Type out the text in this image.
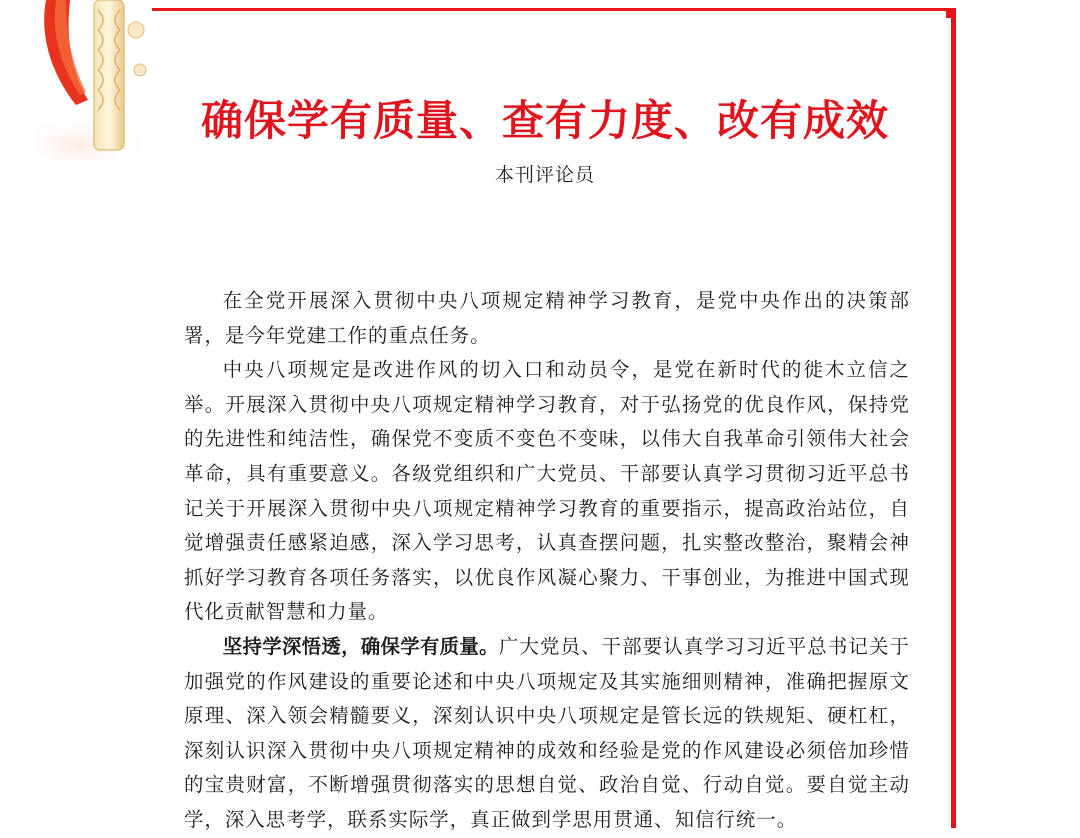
确保学有质量、查有力度、改有成效
本刊评论员

在全党开展深入贯彻中央八项规定精神学习教育，是党中央作出的决策部署，是今年党建工作的重点任务。

中央八项规定是改进作风的切入口和动员令，是党在新时代的徙木立信之举。开展深入贯彻中央八项规定精神学习教育，对于弘扬党的优良作风，保持党的先进性和纯洁性，确保党不变质不变色不变味，以伟大自我革命引领伟大社会革命，具有重要意义。各级党组织和广大党员、干部要认真学习贯彻习近平总书记关于开展深入贯彻中央八项规定精神学习教育的重要指示，提高政治站位，自觉增强责任感紧迫感，深入学习思考，认真查摆问题，扎实整改整治，聚精会神抓好学习教育各项任务落实，以优良作风凝心聚力、干事创业，为推进中国式现代化贡献智慧和力量。

坚持学深悟透，确保学有质量。广大党员、干部要认真学习习近平总书记关于加强党的作风建设的重要论述和中央八项规定及其实施细则精神，准确把握原文原理、深入领会精髓要义，深刻认识中央八项规定是管长远的铁规矩、硬杠杠，深刻认识深入贯彻中央八项规定精神的成效和经验是党的作风建设必须倍加珍惜的宝贵财富，不断增强贯彻落实的思想自觉、政治自觉、行动自觉。要自觉主动学，深入思考学，联系实际学，真正做到学思用贯通、知信行统一。
